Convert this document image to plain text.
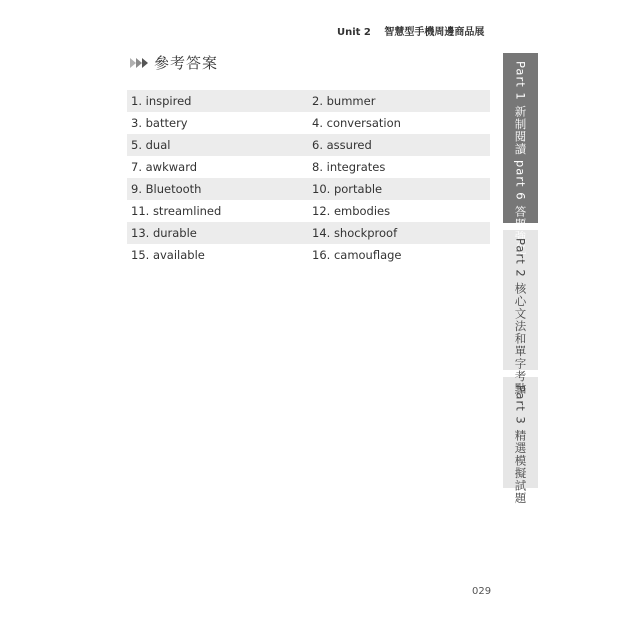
Unit 2 智慧型手機周邊商品展
參考答案
1. inspired	2. bummer
3. battery	4. conversation
5. dual	6. assured
7. awkward	8. integrates
9. Bluetooth	10. portable
11. streamlined	12. embodies
13. durable	14. shockproof
15. available	16. camouflage	Part 1 新制閱讀 part 6 答題強化
Part 2 核心文法和單字考點
Part 3 精選模擬試題
029
